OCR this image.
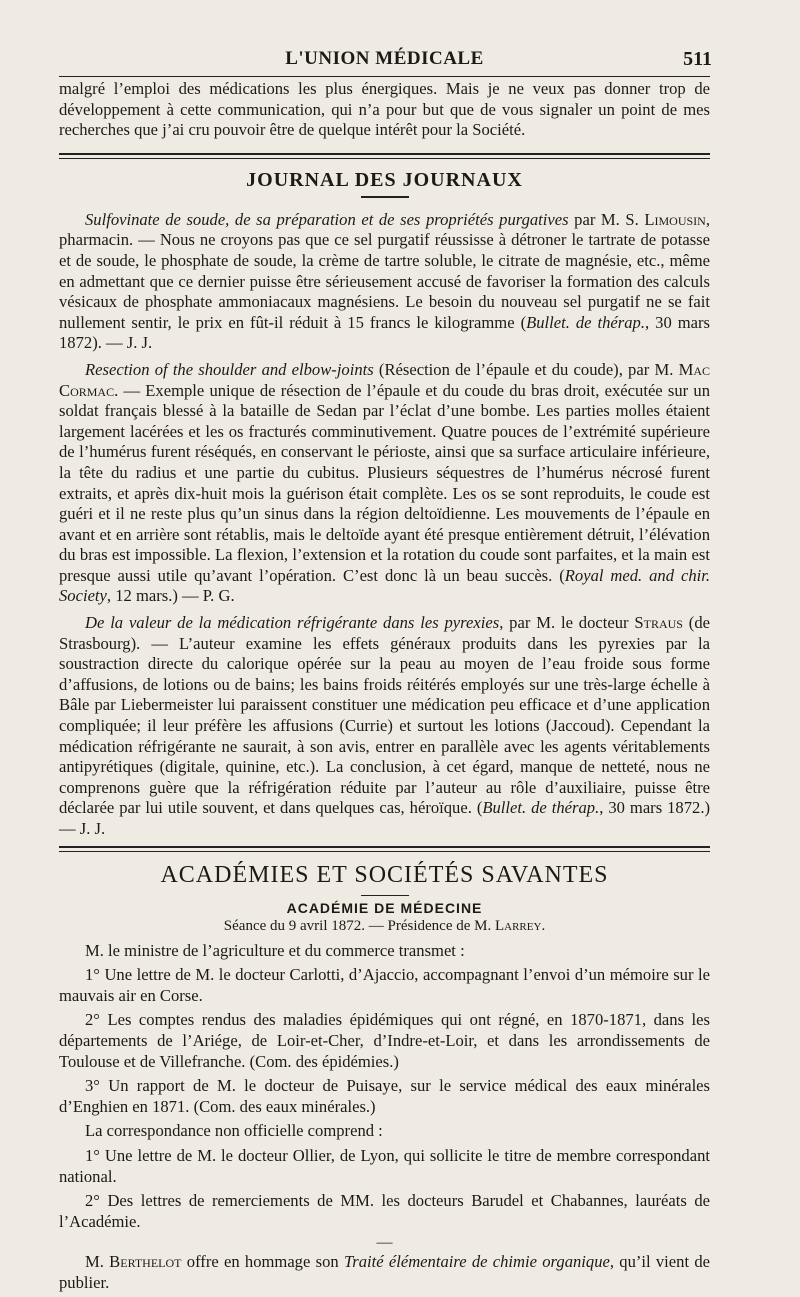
L'UNION MÉDICALE	511

malgré l’emploi des médications les plus énergiques. Mais je ne veux pas donner trop de développement à cette communication, qui n’a pour but que de vous signaler un point de mes recherches que j’ai cru pouvoir être de quelque intérêt pour la Société.

JOURNAL DES JOURNAUX

Sulfovinate de soude, de sa préparation et de ses propriétés purgatives par M. S. Limousin, pharmacin. — Nous ne croyons pas que ce sel purgatif réussisse à détroner le tartrate de potasse et de soude, le phosphate de soude, la crème de tartre soluble, le citrate de magnésie, etc., même en admettant que ce dernier puisse être sérieusement accusé de favoriser la formation des calculs vésicaux de phosphate ammoniacaux magnésiens. Le besoin du nouveau sel purgatif ne se fait nullement sentir, le prix en fût-il réduit à 15 francs le kilogramme (Bullet. de thérap., 30 mars 1872). — J. J.

Resection of the shoulder and elbow-joints (Résection de l’épaule et du coude), par M. Mac Cormac. — Exemple unique de résection de l’épaule et du coude du bras droit, exécutée sur un soldat français blessé à la bataille de Sedan par l’éclat d’une bombe. Les parties molles étaient largement lacérées et les os fracturés comminutivement. Quatre pouces de l’extrémité supérieure de l’humérus furent réséqués, en conservant le périoste, ainsi que sa surface articulaire inférieure, la tête du radius et une partie du cubitus. Plusieurs séquestres de l’humérus nécrosé furent extraits, et après dix-huit mois la guérison était complète. Les os se sont reproduits, le coude est guéri et il ne reste plus qu’un sinus dans la région deltoïdienne. Les mouvements de l’épaule en avant et en arrière sont rétablis, mais le deltoïde ayant été presque entièrement détruit, l’élévation du bras est impossible. La flexion, l’extension et la rotation du coude sont parfaites, et la main est presque aussi utile qu’avant l’opération. C’est donc là un beau succès. (Royal med. and chir. Society, 12 mars.) — P. G.

De la valeur de la médication réfrigérante dans les pyrexies, par M. le docteur Straus (de Strasbourg). — L’auteur examine les effets généraux produits dans les pyrexies par la soustraction directe du calorique opérée sur la peau au moyen de l’eau froide sous forme d’affusions, de lotions ou de bains; les bains froids réitérés employés sur une très-large échelle à Bâle par Liebermeister lui paraissent constituer une médication peu efficace et d’une application compliquée; il leur préfère les affusions (Currie) et surtout les lotions (Jaccoud). Cependant la médication réfrigérante ne saurait, à son avis, entrer en parallèle avec les agents véritablements antipyrétiques (digitale, quinine, etc.). La conclusion, à cet égard, manque de netteté, nous ne comprenons guère que la réfrigération réduite par l’auteur au rôle d’auxiliaire, puisse être déclarée par lui utile souvent, et dans quelques cas, héroïque. (Bullet. de thérap., 30 mars 1872.) — J. J.

ACADÉMIES ET SOCIÉTÉS SAVANTES
ACADÉMIE DE MÉDECINE
Séance du 9 avril 1872. — Présidence de M. Larrey.

M. le ministre de l’agriculture et du commerce transmet :

1° Une lettre de M. le docteur Carlotti, d’Ajaccio, accompagnant l’envoi d’un mémoire sur le mauvais air en Corse.

2° Les comptes rendus des maladies épidémiques qui ont régné, en 1870-1871, dans les départements de l’Ariége, de Loir-et-Cher, d’Indre-et-Loir, et dans les arrondissements de Toulouse et de Villefranche. (Com. des épidémies.)

3° Un rapport de M. le docteur de Puisaye, sur le service médical des eaux minérales d’Enghien en 1871. (Com. des eaux minérales.)

La correspondance non officielle comprend :

1° Une lettre de M. le docteur Ollier, de Lyon, qui sollicite le titre de membre correspondant national.

2° Des lettres de remerciements de MM. les docteurs Barudel et Chabannes, lauréats de l’Académie.

—

M. Berthelot offre en hommage son Traité élémentaire de chimie organique, qu’il vient de publier.
